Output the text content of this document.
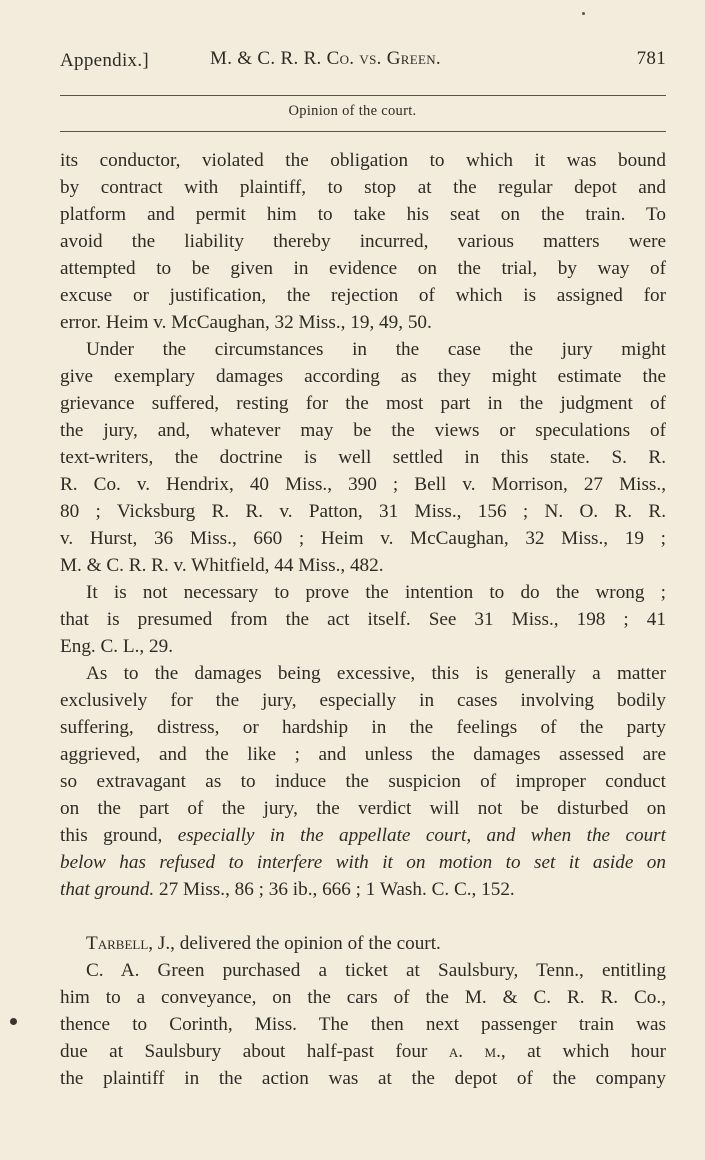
Appendix.]	M. & C. R. R. Co. vs. Green.	781
Opinion of the court.
its conductor, violated the obligation to which it was bound
by contract with plaintiff, to stop at the regular depot and
platform and permit him to take his seat on the train. To
avoid the liability thereby incurred, various matters were
attempted to be given in evidence on the trial, by way of
excuse or justification, the rejection of which is assigned for
error. Heim v. McCaughan, 32 Miss., 19, 49, 50.
Under the circumstances in the case the jury might
give exemplary damages according as they might estimate the
grievance suffered, resting for the most part in the judgment of
the jury, and, whatever may be the views or speculations of
text-writers, the doctrine is well settled in this state. S. R.
R. Co. v. Hendrix, 40 Miss., 390 ; Bell v. Morrison, 27 Miss.,
80 ; Vicksburg R. R. v. Patton, 31 Miss., 156 ; N. O. R. R.
v. Hurst, 36 Miss., 660 ; Heim v. McCaughan, 32 Miss., 19 ;
M. & C. R. R. v. Whitfield, 44 Miss., 482.
It is not necessary to prove the intention to do the wrong ;
that is presumed from the act itself. See 31 Miss., 198 ; 41
Eng. C. L., 29.
As to the damages being excessive, this is generally a matter
exclusively for the jury, especially in cases involving bodily
suffering, distress, or hardship in the feelings of the party
aggrieved, and the like ; and unless the damages assessed are
so extravagant as to induce the suspicion of improper conduct
on the part of the jury, the verdict will not be disturbed on
this ground, especially in the appellate court, and when the court
below has refused to interfere with it on motion to set it aside on
that ground. 27 Miss., 86 ; 36 ib., 666 ; 1 Wash. C. C., 152.
Tarbell, J., delivered the opinion of the court.
C. A. Green purchased a ticket at Saulsbury, Tenn., entitling
him to a conveyance, on the cars of the M. & C. R. R. Co.,
thence to Corinth, Miss. The then next passenger train was
due at Saulsbury about half-past four a. m., at which hour
the plaintiff in the action was at the depot of the company
